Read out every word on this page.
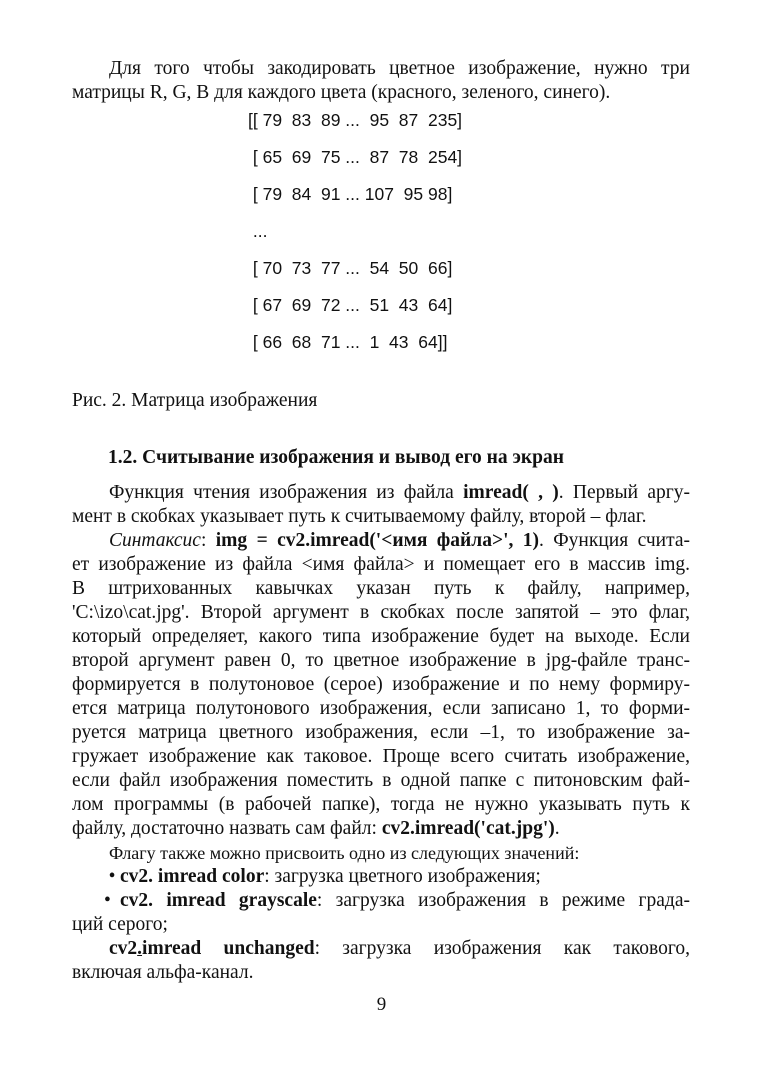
Для того чтобы закодировать цветное изображение, нужно три

матрицы R, G, B для каждого цвета (красного, зеленого, синего).

[[ 79  83  89 ...  95  87  235]

[ 65  69  75 ...  87  78  254]

[ 79  84  91 ... 107  95 98]

...

[ 70  73  77 ...  54  50  66]

[ 67  69  72 ...  51  43  64]

[ 66  68  71 ...  1  43  64]]

Рис. 2. Матрица изображения
1.2. Считывание изображения и вывод его на экран

Функция чтения изображения из файла imread( , ). Первый аргу-

мент в скобках указывает путь к считываемому файлу, второй – флаг.

Синтаксис: img = cv2.imread('<имя файла>', 1). Функция счита-

ет изображение из файла <имя файла> и помещает его в массив img.

В штрихованных кавычках указан путь к файлу, например,

'C:\izo\cat.jpg'. Второй аргумент в скобках после запятой – это флаг,

который определяет, какого типа изображение будет на выходе. Если

второй аргумент равен 0, то цветное изображение в jpg-файле транс-

формируется в полутоновое (серое) изображение и по нему формиру-

ется матрица полутонового изображения, если записано 1, то форми-

руется матрица цветного изображения, если –1, то изображение за-

гружает изображение как таковое. Проще всего считать изображение,

если файл изображения поместить в одной папке с питоновским фай-

лом программы (в рабочей папке), тогда не нужно указывать путь к

файлу, достаточно назвать сам файл: cv2.imread('cat.jpg').

Флагу также можно присвоить одно из следующих значений:

• cv2. imread color: загрузка цветного изображения;

• cv2. imread grayscale: загрузка изображения в режиме града-

ций серого;

cv2.imread unchanged: загрузка изображения как такового,

включая альфа-канал.

9
